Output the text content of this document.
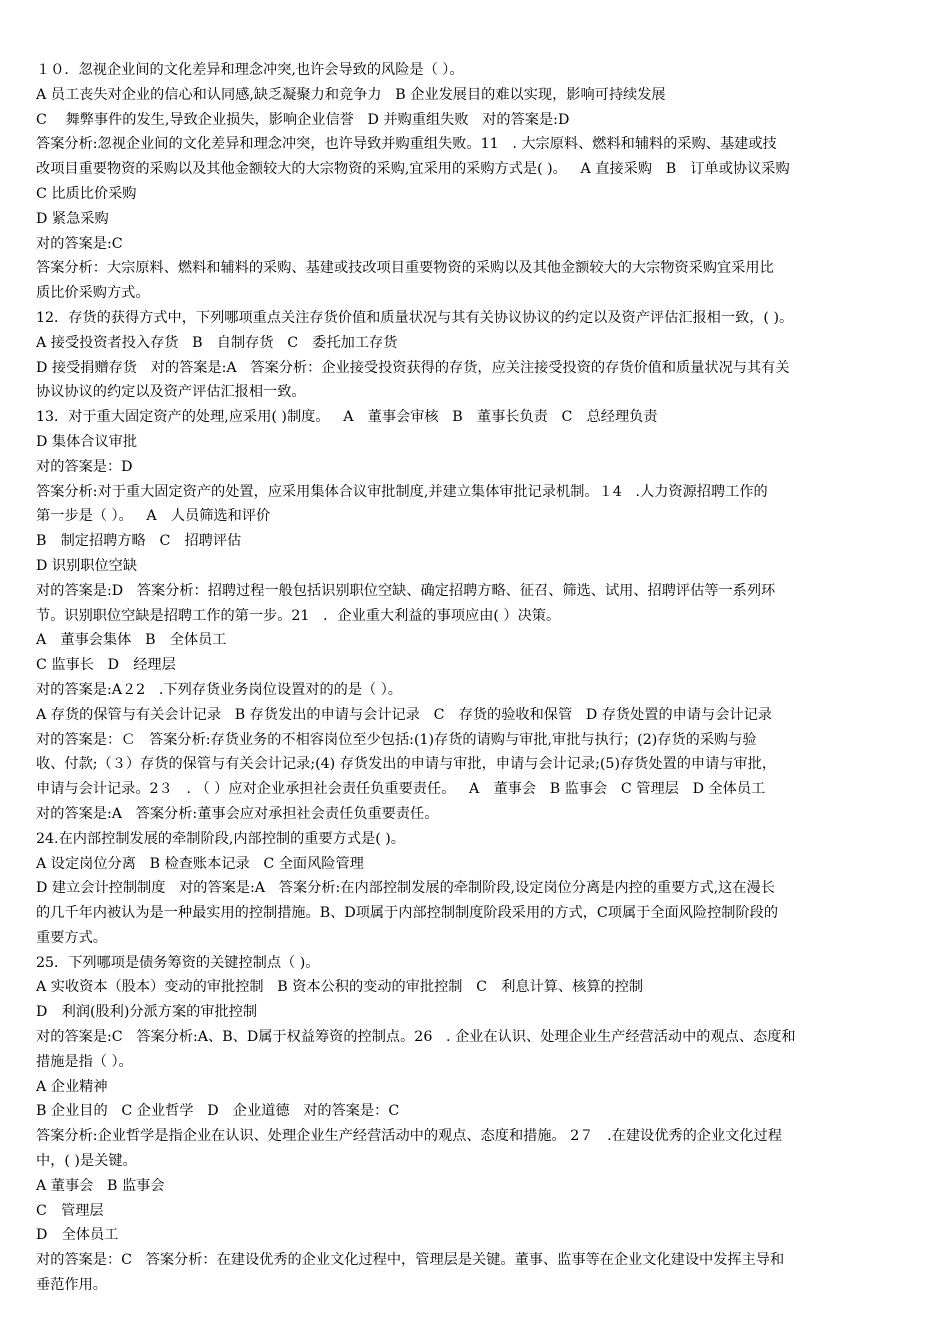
１０．忽视企业间的文化差异和理念冲突,也许会导致的风险是（ ）。
A 员工丧失对企业的信心和认同感,缺乏凝聚力和竞争力ᅟB 企业发展目的难以实现，影响可持续发展
C　 舞弊事件的发生,导致企业损失，影响企业信誉ᅟD 并购重组失败ᅟ对的答案是:D
答案分析:忽视企业间的文化差异和理念冲突，也许导致并购重组失败。11ᅟ. 大宗原料、燃料和辅料的采购、基建或技
改项目重要物资的采购以及其他金额较大的大宗物资的采购,宜采用的采购方式是( )。ᅟA 直接采购ᅟB　订单或协议采购
C 比质比价采购
D 紧急采购
对的答案是:C
答案分析：大宗原料、燃料和辅料的采购、基建或技改项目重要物资的采购以及其他金额较大的大宗物资采购宜采用比
质比价采购方式。
12．存货的获得方式中，下列哪项重点关注存货价值和质量状况与其有关协议协议的约定以及资产评估汇报相一致，( )。
A 接受投资者投入存货ᅟB　自制存货ᅟC　委托加工存货
D 接受捐赠存货ᅟ对的答案是:Aᅟ答案分析：企业接受投资获得的存货，应关注接受投资的存货价值和质量状况与其有关
协议协议的约定以及资产评估汇报相一致。
13．对于重大固定资产的处理,应采用( )制度。ᅟA　董事会审核ᅟB　董事长负责ᅟC　总经理负责
D 集体合议审批
对的答案是：D
答案分析:对于重大固定资产的处置，应采用集体合议审批制度,并建立集体审批记录机制。１4ᅟ.人力资源招聘工作的
第一步是（ ）。ᅟA　人员筛选和评价
B　制定招聘方略ᅟC　招聘评估
D 识别职位空缺
对的答案是:Dᅟ答案分析：招聘过程一般包括识别职位空缺、确定招聘方略、征召、筛选、试用、招聘评估等一系列环
节。识别职位空缺是招聘工作的第一步。21ᅟ．企业重大利益的事项应由( ）决策。
A　董事会集体ᅟB　全体员工
C 监事长ᅟD　经理层
对的答案是:A２2ᅟ.下列存货业务岗位设置对的的是（ ）。
A 存货的保管与有关会计记录ᅟB 存货发出的申请与会计记录ᅟC　存货的验收和保管ᅟD 存货处置的申请与会计记录
对的答案是：Ｃᅟ答案分析:存货业务的不相容岗位至少包括:(1)存货的请购与审批,审批与执行；(2)存货的采购与验
收、付款;（３）存货的保管与有关会计记录;(4) 存货发出的申请与审批，申请与会计记录;(5)存货处置的申请与审批，
申请与会计记录。2３ᅟ. （ ）应对企业承担社会责任负重要责任。ᅟA　董事会ᅟB 监事会ᅟC 管理层ᅟD 全体员工
对的答案是:Aᅟ答案分析:董事会应对承担社会责任负重要责任。
24.在内部控制发展的牵制阶段,内部控制的重要方式是( )。
A 设定岗位分离ᅟB 检查账本记录ᅟC 全面风险管理
D 建立会计控制制度ᅟ对的答案是:Aᅟ答案分析:在内部控制发展的牵制阶段,设定岗位分离是内控的重要方式,这在漫长
的几千年内被认为是一种最实用的控制措施。B、D项属于内部控制制度阶段采用的方式，C项属于全面风险控制阶段的
重要方式。
25．下列哪项是债务筹资的关键控制点（ )。
A 实收资本（股本）变动的审批控制ᅟB 资本公积的变动的审批控制ᅟC　利息计算、核算的控制
D　利润(股利)分派方案的审批控制
对的答案是:Cᅟ答案分析:A、B、D属于权益筹资的控制点。26ᅟ. 企业在认识、处理企业生产经营活动中的观点、态度和
措施是指（ ）。
A 企业精神
B 企业目的ᅟC 企业哲学ᅟD　企业道德ᅟ对的答案是：C
答案分析:企业哲学是指企业在认识、处理企业生产经营活动中的观点、态度和措施。 2７ᅟ.在建设优秀的企业文化过程
中，( )是关键。
A 董事会ᅟB 监事会
C　管理层
D　全体员工
对的答案是：Cᅟ答案分析：在建设优秀的企业文化过程中，管理层是关键。董事、监事等在企业文化建设中发挥主导和
垂范作用。
